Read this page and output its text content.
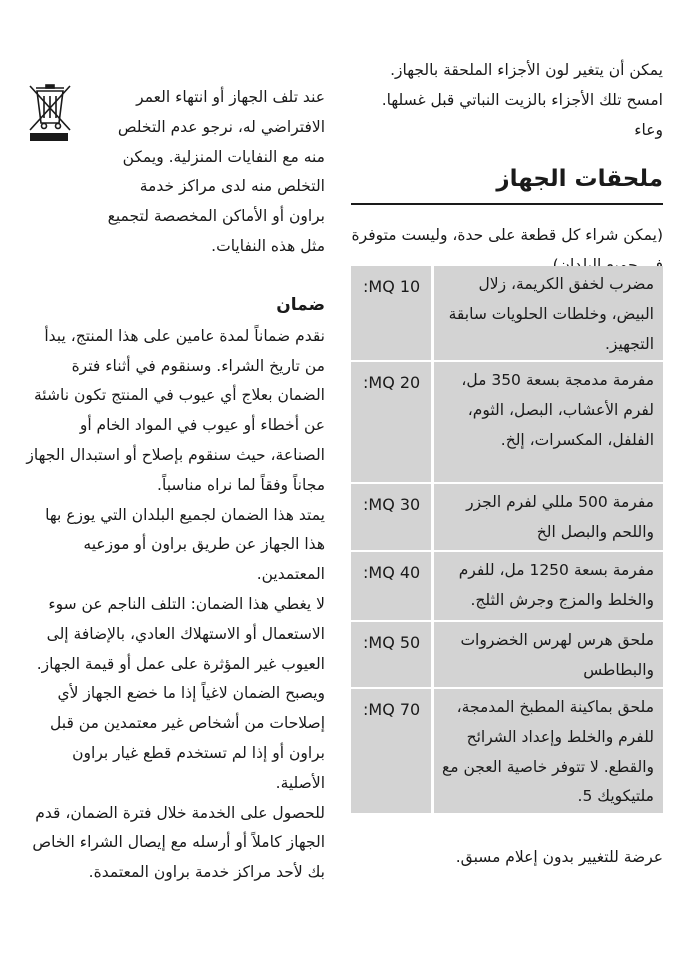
عند تلف الجهاز أو انتهاء العمر الافتراضي له، نرجو عدم التخلص منه مع النفايات المنزلية. ويمكن التخلص منه لدى مراكز خدمة براون أو الأماكن المخصصة لتجميع مثل هذه النفايات.

ضمان

نقدم ضماناً لمدة عامين على هذا المنتج، يبدأ من تاريخ الشراء. وسنقوم في أثناء فترة الضمان بعلاج أي عيوب في المنتج تكون ناشئة عن أخطاء أو عيوب في المواد الخام أو الصناعة، حيث سنقوم بإصلاح أو استبدال الجهاز مجاناً وفقاً لما نراه مناسباً.

يمتد هذا الضمان لجميع البلدان التي يوزع بها هذا الجهاز عن طريق براون أو موزعيه المعتمدين.

لا يغطي هذا الضمان: التلف الناجم عن سوء الاستعمال أو الاستهلاك العادي، بالإضافة إلى العيوب غير المؤثرة على عمل أو قيمة الجهاز. ويصبح الضمان لاغياً إذا ما خضع الجهاز لأي إصلاحات من أشخاص غير معتمدين من قبل براون أو إذا لم تستخدم قطع غيار براون الأصلية.

للحصول على الخدمة خلال فترة الضمان، قدم الجهاز كاملاً أو أرسله مع إيصال الشراء الخاص بك لأحد مراكز خدمة براون المعتمدة.

يمكن أن يتغير لون الأجزاء الملحقة بالجهاز. امسح تلك الأجزاء بالزيت النباتي قبل غسلها. وعاء

ملحقات الجهاز

(يمكن شراء كل قطعة على حدة، وليست متوفرة

:MQ 10	مضرب لخفق الكريمة، زلال البيض، وخلطات الحلويات سابقة التجهيز.
:MQ 20	مفرمة مدمجة بسعة 350 مل، لفرم الأعشاب، البصل، الثوم، الفلفل، المكسرات، إلخ.
:MQ 30	مفرمة 500 مللي لفرم الجزر واللحم والبصل الخ
:MQ 40	مفرمة بسعة 1250 مل، للفرم والخلط والمزج وجرش الثلج.
:MQ 50	ملحق هرس لهرس الخضروات والبطاطس
:MQ 70	ملحق بماكينة المطبخ المدمجة، للفرم والخلط وإعداد الشرائح والقطع. لا تتوفر خاصية العجن مع ملتيكويك 5.
عرضة للتغيير بدون إعلام مسبق.
